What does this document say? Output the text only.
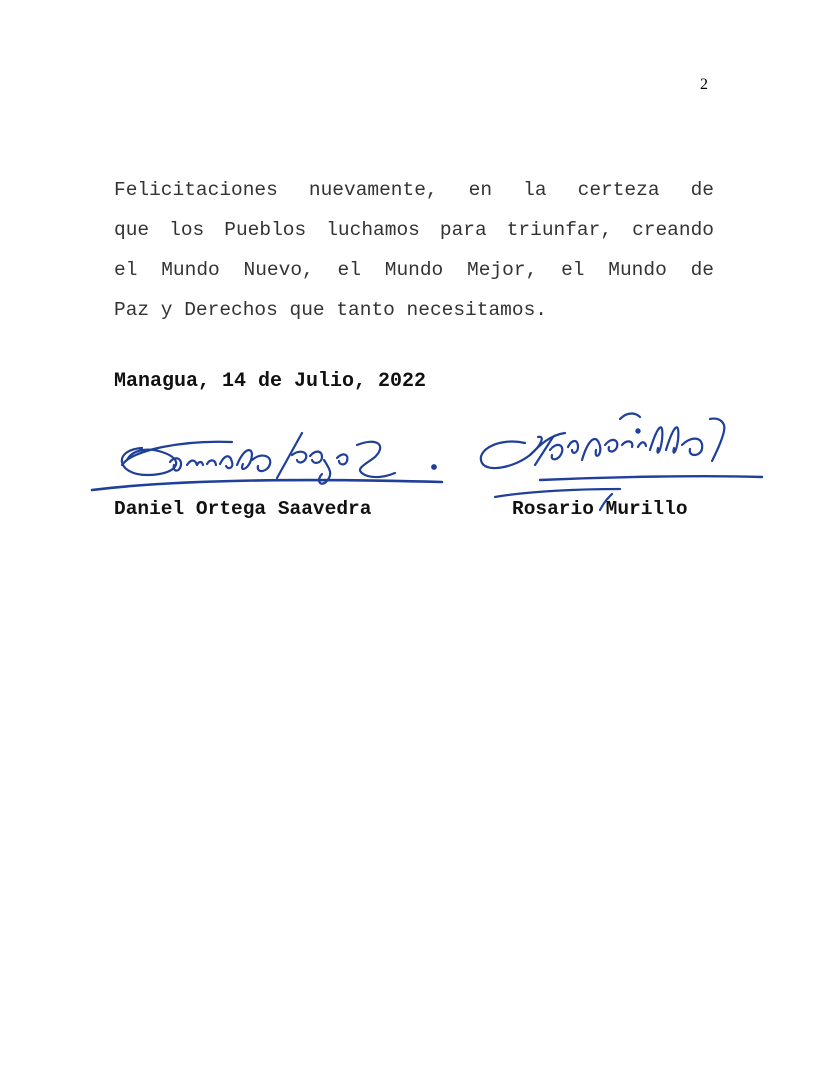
2
Felicitaciones nuevamente, en la certeza de
que los Pueblos luchamos para triunfar, creando
el Mundo Nuevo, el Mundo Mejor, el Mundo de
Paz y Derechos que tanto necesitamos.
Managua, 14 de Julio, 2022
Daniel Ortega Saavedra	Rosario Murillo
